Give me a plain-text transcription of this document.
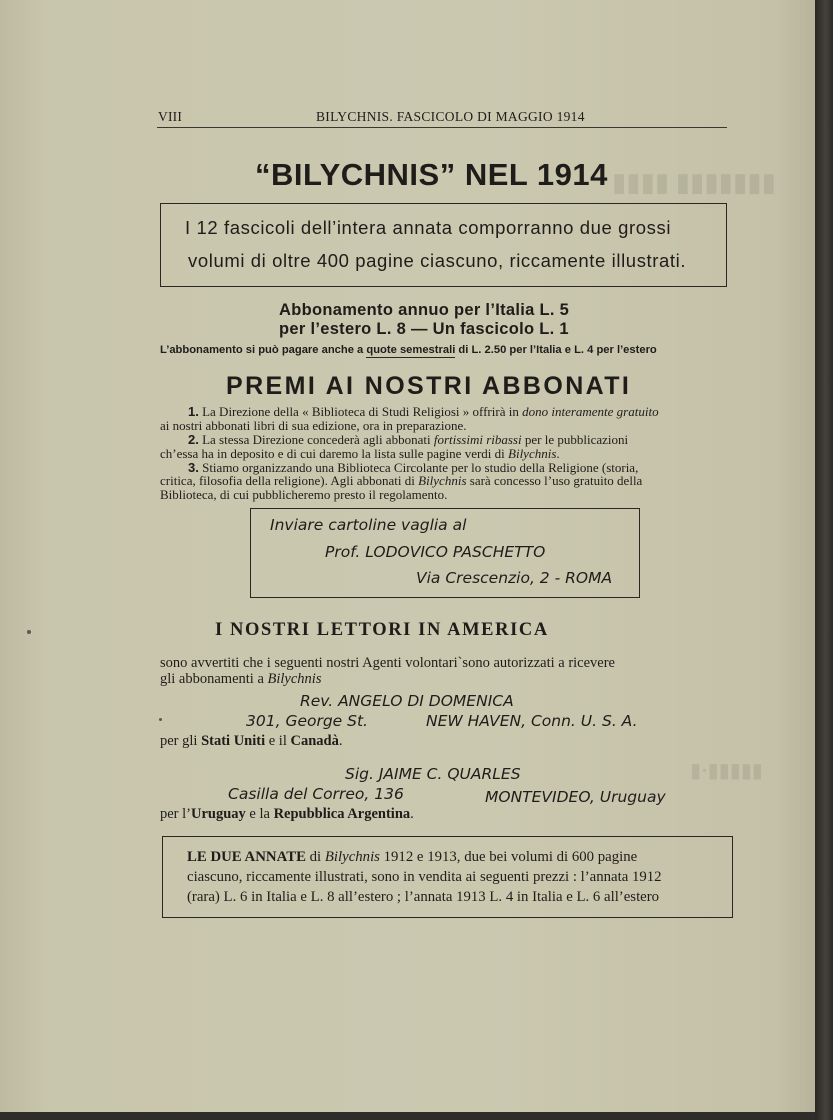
▮▮▮▮ ▮▮▮▮▮▮▮
▮·▮▮▮▮▮
VIII	BILYCHNIS. FASCICOLO DI MAGGIO 1914
“BILYCHNIS” NEL 1914
I 12 fascicoli dell’intera annata comporranno due grossi
volumi di oltre 400 pagine ciascuno, riccamente illustrati.
Abbonamento annuo per l’Italia L. 5
per l’estero L. 8 — Un fascicolo L. 1
L’abbonamento si può pagare anche a quote semestrali di L. 2.50 per l’Italia e L. 4 per l’estero
PREMI AI NOSTRI ABBONATI
1. La Direzione della « Biblioteca di Studi Religiosi » offrirà in dono interamente gratuito
ai nostri abbonati libri di sua edizione, ora in preparazione.
2. La stessa Direzione concederà agli abbonati fortissimi ribassi per le pubblicazioni
ch’essa ha in deposito e di cui daremo la lista sulle pagine verdi di Bilychnis.
3. Stiamo organizzando una Biblioteca Circolante per lo studio della Religione (storia,
critica, filosofia della religione). Agli abbonati di Bilychnis sarà concesso l’uso gratuito della
Biblioteca, di cui pubblicheremo presto il regolamento.
Inviare cartoline vaglia al
Prof. LODOVICO PASCHETTO
Via Crescenzio, 2 - ROMA
I NOSTRI LETTORI IN AMERICA
sono avvertiti che i seguenti nostri Agenti volontari`sono autorizzati a ricevere
gli abbonamenti a Bilychnis
Rev. ANGELO DI DOMENICA
301, George St.	NEW HAVEN, Conn. U. S. A.
per gli Stati Uniti e il Canadà.
Sig. JAIME C. QUARLES
Casilla del Correo, 136	MONTEVIDEO, Uruguay
per l’Uruguay e la Repubblica Argentina.
LE DUE ANNATE di Bilychnis 1912 e 1913, due bei volumi di 600 pagine
ciascuno, riccamente illustrati, sono in vendita ai seguenti prezzi : l’annata 1912
(rara) L. 6 in Italia e L. 8 all’estero ; l’annata 1913 L. 4 in Italia e L. 6 all’estero
